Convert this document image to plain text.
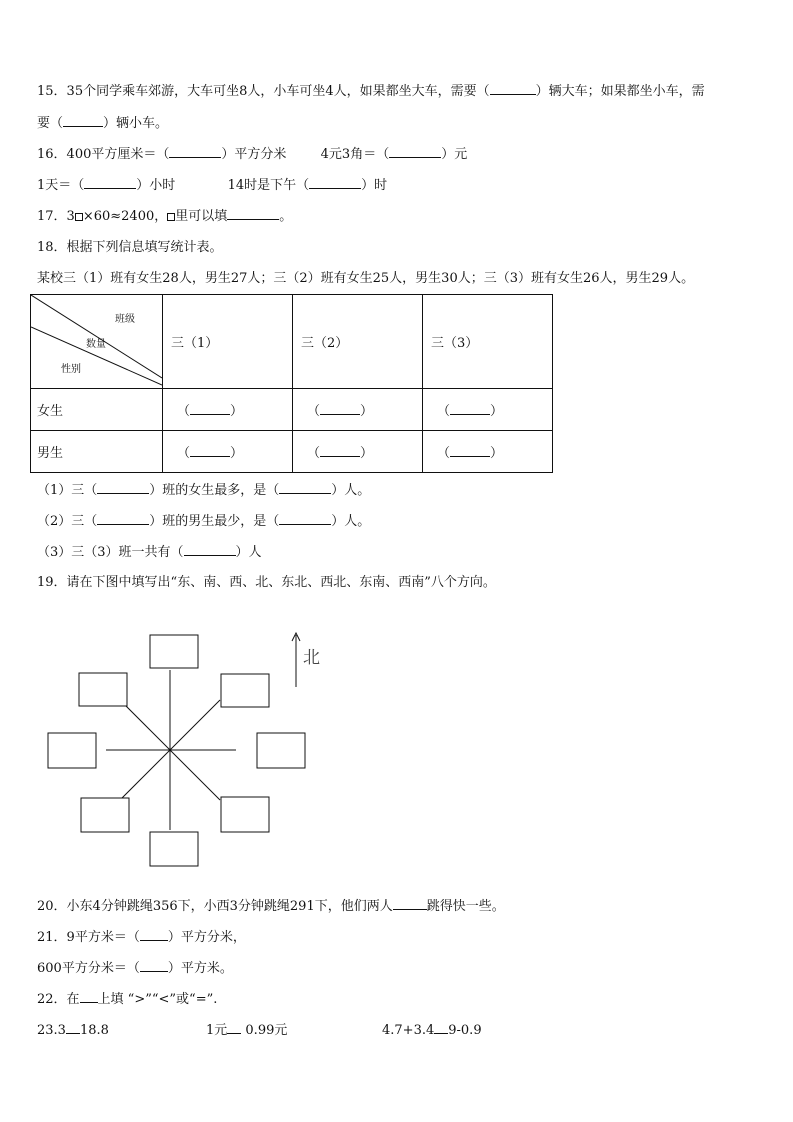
15．35个同学乘车郊游，大车可坐8人，小车可坐4人，如果都坐大车，需要（	）辆大车；如果都坐小车，需
要（	）辆小车。
16．400平方厘米＝（	）平方分米	4元3角＝（	）元
1天＝（	）小时	14时是下午（	）时
17．3 ×60≈2400， 里可以填	。
18．根据下列信息填写统计表。
某校三（1）班有女生28人，男生27人；三（2）班有女生25人，男生30人；三（3）班有女生26人，男生29人。
班级
数量
性别	三（1）	三（2）	三（3）
女生	（ ）	（ ）	（ ）
男生	（ ）	（ ）	（ ）
（1）三（	）班的女生最多，是（	）人。
（2）三（	）班的男生最少，是（	）人。
（3）三（3）班一共有（	）人
19．请在下图中填写出“东、南、西、北、东北、西北、东南、西南”八个方向。
北
20．小东4分钟跳绳356下，小西3分钟跳绳291下，他们两人	跳得快一些。
21．9平方米＝（ ）平方分米，
600平方分米＝（ ）平方米。
22．在 上填 “>”“<”或“=”.
23.3 18.8	1元 0.99元	4.7+3.4 9-0.9
